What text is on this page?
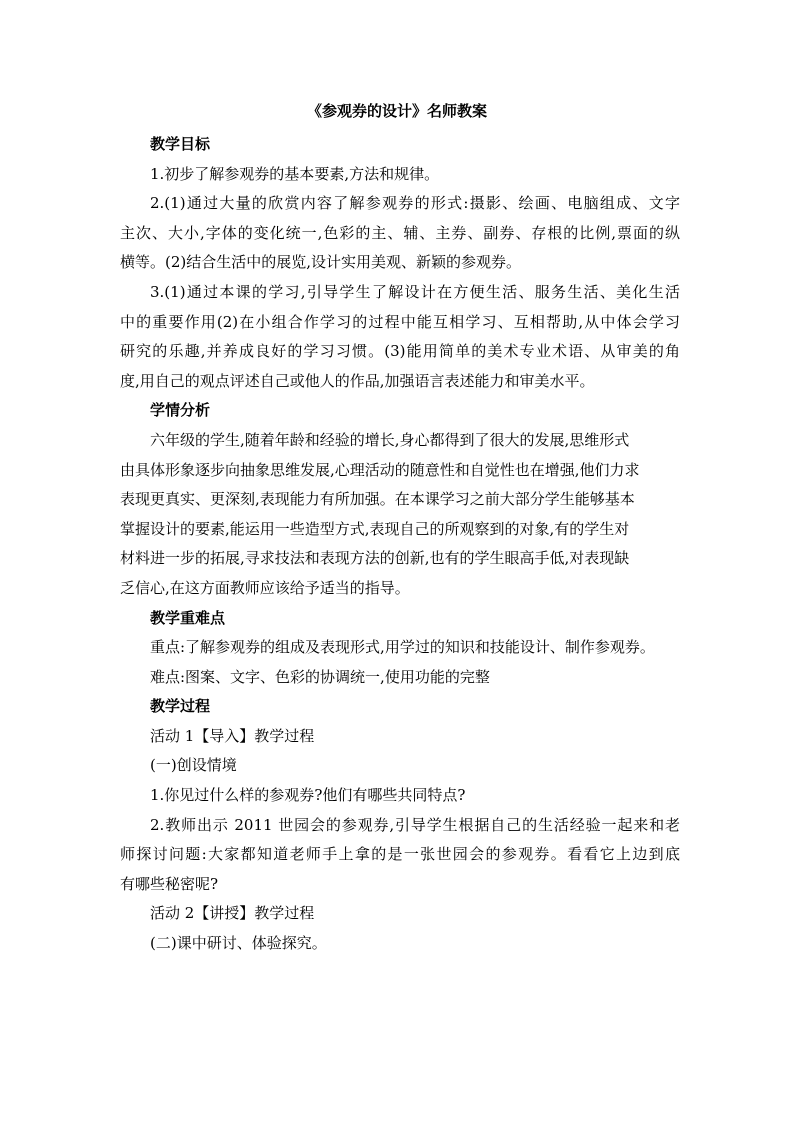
《参观券的设计》名师教案

教学目标

1.初步了解参观券的基本要素,方法和规律。

2.(1)通过大量的欣赏内容了解参观券的形式:摄影、绘画、电脑组成、文字

主次、大小,字体的变化统一,色彩的主、辅、主券、副券、存根的比例,票面的纵

横等。(2)结合生活中的展览,设计实用美观、新颖的参观券。

3.(1)通过本课的学习,引导学生了解设计在方便生活、服务生活、美化生活

中的重要作用(2)在小组合作学习的过程中能互相学习、互相帮助,从中体会学习

研究的乐趣,并养成良好的学习习惯。(3)能用简单的美术专业术语、从审美的角

度,用自己的观点评述自己或他人的作品,加强语言表述能力和审美水平。

学情分析

六年级的学生,随着年龄和经验的增长,身心都得到了很大的发展,思维形式

由具体形象逐步向抽象思维发展,心理活动的随意性和自觉性也在增强,他们力求

表现更真实、更深刻,表现能力有所加强。在本课学习之前大部分学生能够基本

掌握设计的要素,能运用一些造型方式,表现自己的所观察到的对象,有的学生对

材料进一步的拓展,寻求技法和表现方法的创新,也有的学生眼高手低,对表现缺

乏信心,在这方面教师应该给予适当的指导。

教学重难点

重点:了解参观券的组成及表现形式,用学过的知识和技能设计、制作参观券。

难点:图案、文字、色彩的协调统一,使用功能的完整

教学过程

活动 1【导入】教学过程

(一)创设情境

1.你见过什么样的参观券?他们有哪些共同特点?

2.教师出示 2011 世园会的参观券,引导学生根据自己的生活经验一起来和老

师探讨问题:大家都知道老师手上拿的是一张世园会的参观券。看看它上边到底

有哪些秘密呢?

活动 2【讲授】教学过程

(二)课中研讨、体验探究。
